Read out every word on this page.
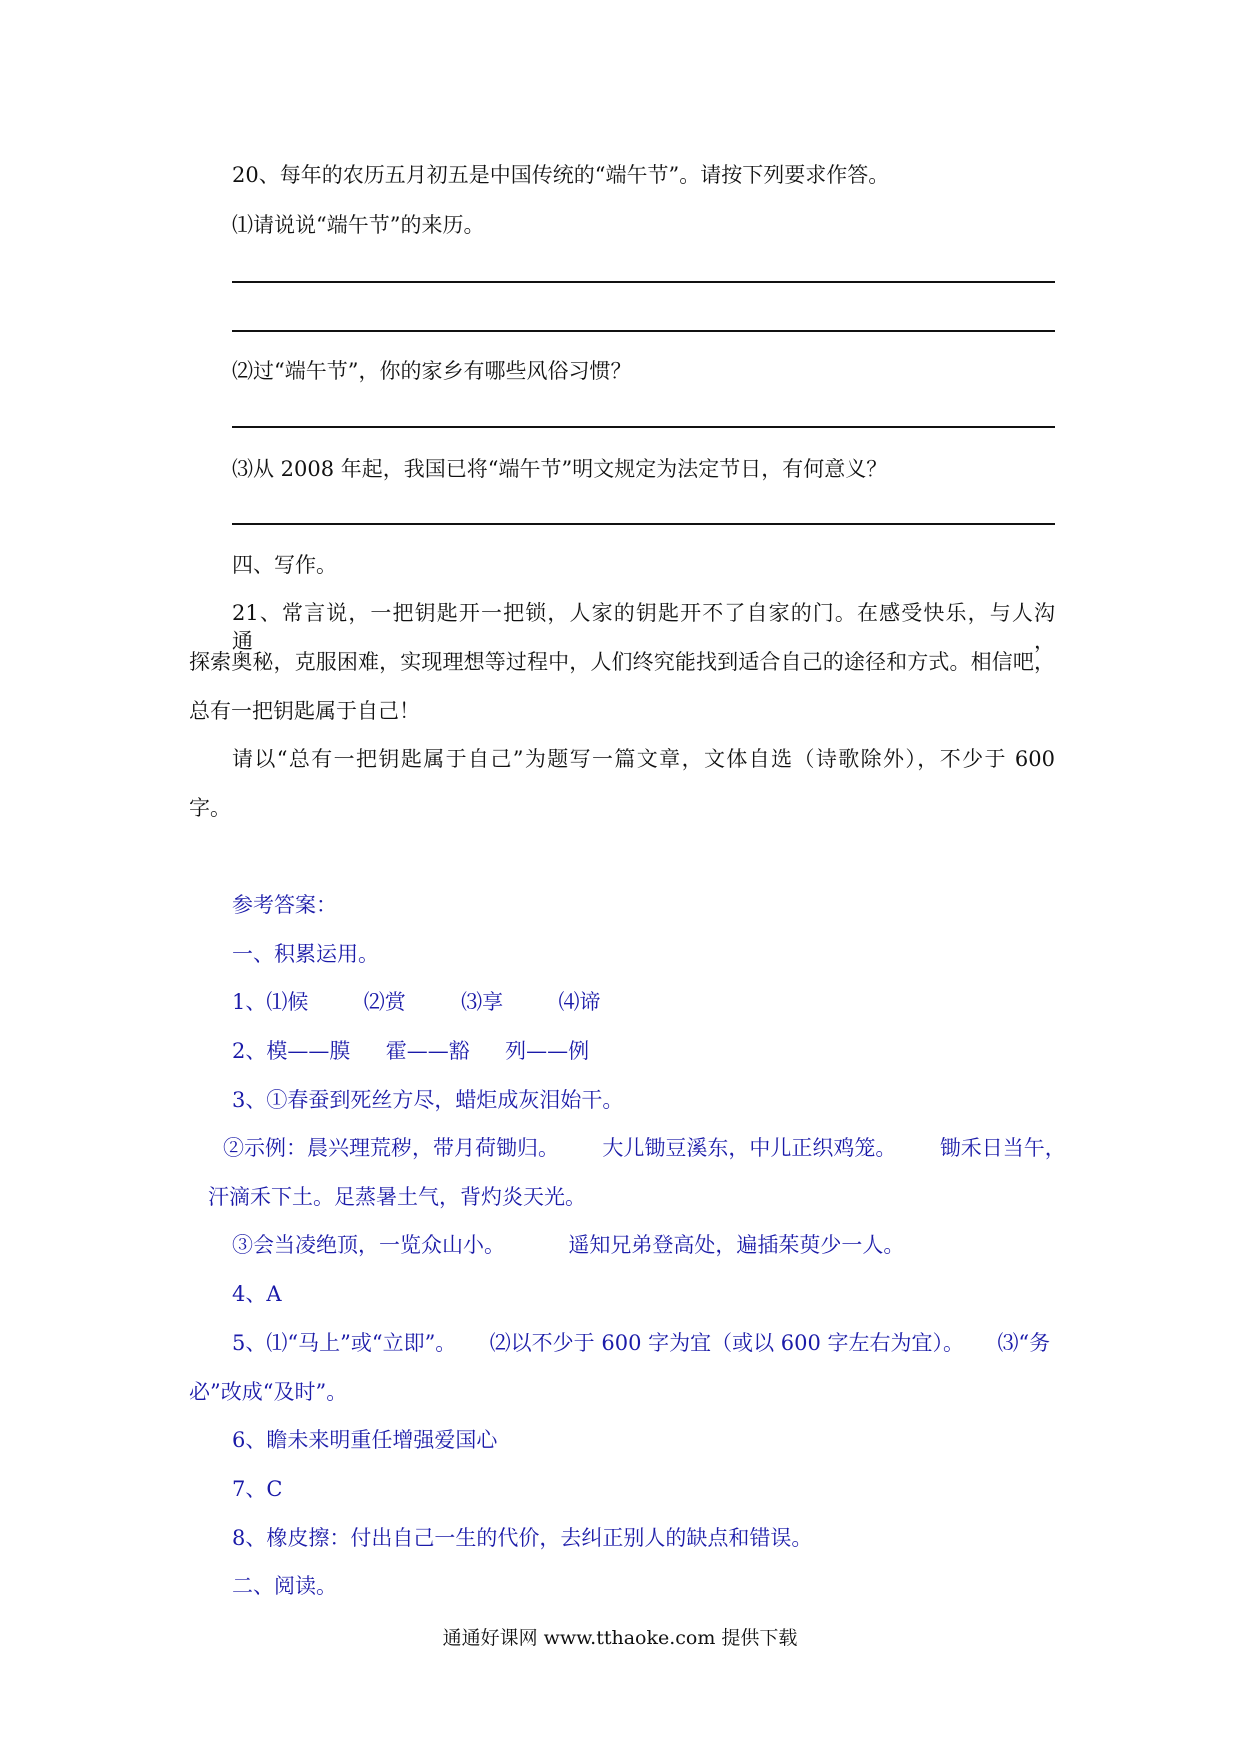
20、每年的农历五月初五是中国传统的“端午节”。请按下列要求作答。
⑴请说说“端午节”的来历。
⑵过“端午节”，你的家乡有哪些风俗习惯？
⑶从 2008 年起，我国已将“端午节”明文规定为法定节日，有何意义？
四、写作。
21、常言说，一把钥匙开一把锁，人家的钥匙开不了自家的门。在感受快乐，与人沟通，
探索奥秘，克服困难，实现理想等过程中，人们终究能找到适合自己的途径和方式。相信吧，
总有一把钥匙属于自己！
请以“总有一把钥匙属于自己”为题写一篇文章，文体自选（诗歌除外），不少于 600
字。
参考答案：
一、积累运用。
1、⑴候	⑵赏	⑶享	⑷谛
2、模——膜 霍——豁 列——例
3、①春蚕到死丝方尽，蜡炬成灰泪始干。
②示例：晨兴理荒秽，带月荷锄归。 大儿锄豆溪东，中儿正织鸡笼。 锄禾日当午，
汗滴禾下土。足蒸暑土气，背灼炎天光。
③会当凌绝顶，一览众山小。	遥知兄弟登高处，遍插茱萸少一人。
4、A
5、⑴“马上”或“立即”。 ⑵以不少于 600 字为宜（或以 600 字左右为宜）。 ⑶“务
必”改成“及时”。
6、瞻未来明重任增强爱国心
7、C
8、橡皮擦：付出自己一生的代价，去纠正别人的缺点和错误。
二、阅读。
通通好课网 www.tthaoke.com 提供下载
